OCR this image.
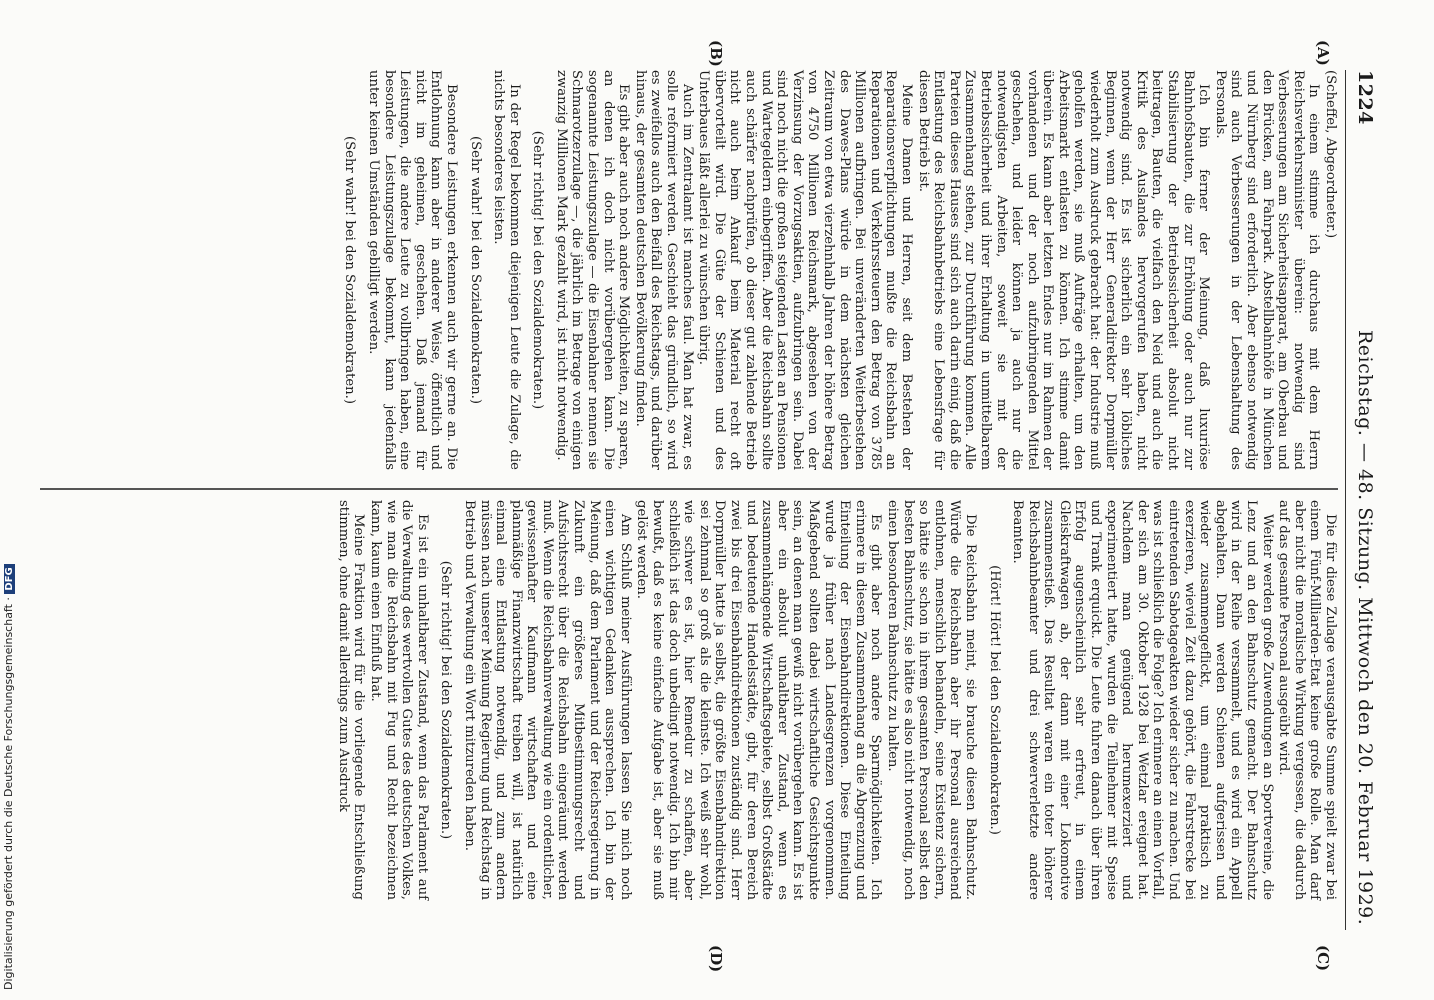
1224
Reichstag. — 48. Sitzung. Mittwoch den 20. Februar 1929.
(A)
(B)
(C)
(D)

(Scheffel, Abgeordneter.)

In einem stimme ich durchaus mit dem Herrn Reichsverkehrsminister überein: notwendig sind Verbesserungen am Sicherheitsapparat, am Oberbau und den Brücken, am Fahrpark. Abstellbahnhöfe in München und Nürnberg sind erforderlich. Aber ebenso notwendig sind auch Verbesserungen in der Lebenshaltung des Personals.

Ich bin ferner der Meinung, daß luxuriöse Bahnhofsbauten, die zur Erhöhung oder auch nur zur Stabilisierung der Betriebssicherheit absolut nicht beitragen, Bauten, die vielfach den Neid und auch die Kritik des Auslandes hervorgerufen haben, nicht notwendig sind. Es ist sicherlich ein sehr löbliches Beginnen, wenn der Herr Generaldirektor Dorpmüller wiederholt zum Ausdruck gebracht hat: der Industrie muß geholfen werden, sie muß Aufträge erhalten, um den Arbeitsmarkt entlasten zu können. Ich stimme damit überein. Es kann aber letzten Endes nur im Rahmen der vorhandenen und der noch aufzubringenden Mittel geschehen, und leider können ja auch nur die notwendigsten Arbeiten, soweit sie mit der Betriebssicherheit und ihrer Erhaltung in unmittelbarem Zusammenhang stehen, zur Durchführung kommen. Alle Parteien dieses Hauses sind sich auch darin einig, daß die Entlastung des Reichsbahnbetriebs eine Lebensfrage für diesen Betrieb ist.

Meine Damen und Herren, seit dem Bestehen der Reparationsverpflichtungen mußte die Reichsbahn an Reparationen und Verkehrssteuern den Betrag von 3785 Millionen aufbringen. Bei unveränderten Weiterbestehen des Dawes-Plans würde in dem nächsten gleichen Zeitraum von etwa vierzehnhalb Jahren der höhere Betrag von 4750 Millionen Reichsmark, abgesehen von der Verzinsung der Vorzugsaktien, aufzubringen sein. Dabei sind noch nicht die großen steigenden Lasten an Pensionen und Wartegeldern einbegriffen. Aber die Reichsbahn sollte auch schärfer nachprüfen, ob dieser gut zahlende Betrieb nicht auch beim Ankauf beim Material recht oft übervorteilt wird. Die Güte der Schienen und des Unterbaues läßt allerlei zu wünschen übrig.

Auch im Zentralamt ist manches faul. Man hat zwar, es solle reformiert werden. Geschieht das gründlich, so wird es zweifellos auch den Beifall des Reichstags, und darüber hinaus, der gesamten deutschen Bevölkerung finden.

Es gibt aber auch noch andere Möglichkeiten, zu sparen, an denen ich doch nicht vorübergehen kann. Die sogenannte Leistungszulage — die Eisenbahner nennen sie Schmarotzerzulage —, die jährlich im Betrage von einigen zwanzig Millionen Mark gezahlt wird, ist nicht notwendig.

(Sehr richtig! bei den Sozialdemokraten.)

In der Regel bekommen diejenigen Leute die Zulage, die nichts besonderes leisten.

(Sehr wahr! bei den Sozialdemokraten.)

Besondere Leistungen erkennen auch wir gerne an. Die Entlohnung kann aber in anderer Weise, öffentlich und nicht im geheimen, geschehen. Daß jemand für Leistungen, die andere Leute zu vollbringen haben, eine besondere Leistungszulage bekommt, kann jedenfalls unter keinen Umständen gebilligt werden.

(Sehr wahr! bei den Sozialdemokraten.)

Die für diese Zulage verausgabte Summe spielt zwar bei einem Fünf-Milliarden-Etat keine große Rolle. Man darf aber nicht die moralische Wirkung vergessen, die dadurch auf das gesamte Personal ausgeübt wird.

Weiter werden große Zuwendungen an Sportvereine, die Lenz und an den Bahnschutz gemacht. Der Bahnschutz wird in der Reihe versammelt, und es wird ein Appell abgehalten. Dann werden Schienen aufgerissen und wieder zusammengeflickt, um einmal praktisch zu exerzieren, wieviel Zeit dazu gehört, die Fahrstrecke bei eintretenden Sabotageakten wieder sicher zu machen. Und was ist schließlich die Folge? Ich erinnere an einen Vorfall, der sich am 30. Oktober 1928 bei Wetzlar ereignet hat. Nachdem man genügend herumexerziert und experimentiert hatte, wurden die Teilnehmer mit Speise und Trank erquickt. Die Leute fuhren danach über ihren Erfolg augenscheinlich sehr erfreut, in einem Gleiskraftwagen ab, der dann mit einer Lokomotive zusammenstieß. Das Resultat waren ein toter höherer Reichsbahnbeamter und drei schwerverletzte andere Beamten.

(Hört! Hört! bei den Sozialdemokraten.)

Die Reichsbahn meint, sie brauche diesen Bahnschutz. Würde die Reichsbahn aber ihr Personal ausreichend entlohnen, menschlich behandeln, seine Existenz sichern, so hätte sie schon in ihrem gesamten Personal selbst den besten Bahnschutz, sie hätte es also nicht notwendig, noch einen besonderen Bahnschutz zu halten.

Es gibt aber noch andere Sparmöglichkeiten. Ich erinnere in diesem Zusammenhang an die Abgrenzung und Einteilung der Eisenbahndirektionen. Diese Einteilung wurde ja früher nach Landesgrenzen vorgenommen. Maßgebend sollten dabei wirtschaftliche Gesichtspunkte sein, an denen man gewiß nicht vorübergehen kann. Es ist aber ein absolut unhaltbarer Zustand, wenn es zusammenhängende Wirtschaftsgebiete, selbst Großstädte und bedeutende Handelsstädte, gibt, für deren Bereich zwei bis drei Eisenbahndirektionen zuständig sind. Herr Dorpmüller hatte ja selbst, die größte Eisenbahndirektion sei zehnmal so groß als die kleinste. Ich weiß sehr wohl, wie schwer es ist, hier Remedur zu schaffen, aber schließlich ist das doch unbedingt notwendig. Ich bin mir bewußt, daß es keine einfache Aufgabe ist, aber sie muß gelöst werden.

Am Schluß meiner Ausführungen lassen Sie mich noch einen wichtigen Gedanken aussprechen. Ich bin der Meinung, daß dem Parlament und der Reichsregierung in Zukunft ein größeres Mitbestimmungsrecht und Aufsichtsrecht über die Reichsbahn eingeräumt werden muß. Wenn die Reichsbahnverwaltung wie ein ordentlicher, gewissenhafter Kaufmann wirtschaften und eine planmäßige Finanzwirtschaft treiben will, ist natürlich einmal eine Entlastung notwendig, und zum andern müssen nach unserer Meinung Regierung und Reichstag in Betrieb und Verwaltung ein Wort mitzureden haben.

(Sehr richtig! bei den Sozialdemokraten.)

Es ist ein unhaltbarer Zustand, wenn das Parlament auf die Verwaltung des wertvollen Gutes des deutschen Volkes, wie man die Reichsbahn mit Fug und Recht bezeichnen kann, kaum einen Einfluß hat.

Meine Fraktion wird für die vorliegende Entschließung stimmen, ohne damit allerdings zum Ausdruck

Digitalisierung gefördert durch die Deutsche Forschungsgemeinschaft · DFG
